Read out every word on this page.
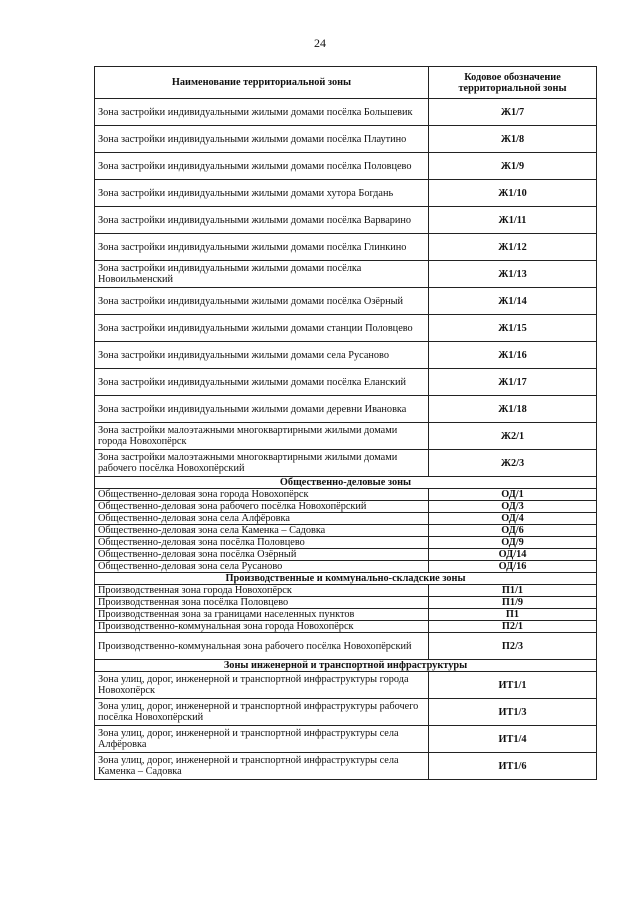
24
Наименование территориальной зоны	Кодовое обозначение территориальной зоны
Зона застройки индивидуальными жилыми домами посёлка Большевик	Ж1/7
Зона застройки индивидуальными жилыми домами посёлка Плаутино	Ж1/8
Зона застройки индивидуальными жилыми домами посёлка Половцево	Ж1/9
Зона застройки индивидуальными жилыми домами хутора Богдань	Ж1/10
Зона застройки индивидуальными жилыми домами посёлка Варварино	Ж1/11
Зона застройки индивидуальными жилыми домами посёлка Глинкино	Ж1/12
Зона застройки индивидуальными жилыми домами посёлка Новоильменский	Ж1/13
Зона застройки индивидуальными жилыми домами посёлка Озёрный	Ж1/14
Зона застройки индивидуальными жилыми домами станции Половцево	Ж1/15
Зона застройки индивидуальными жилыми домами села Русаново	Ж1/16
Зона застройки индивидуальными жилыми домами посёлка Еланский	Ж1/17
Зона застройки индивидуальными жилыми домами деревни Ивановка	Ж1/18
Зона застройки малоэтажными многоквартирными жилыми домами города Новохопёрск	Ж2/1
Зона застройки малоэтажными многоквартирными жилыми домами рабочего посёлка Новохопёрский	Ж2/3
Общественно-деловые зоны	
Общественно-деловая зона города Новохопёрск	ОД/1
Общественно-деловая зона рабочего посёлка Новохопёрский	ОД/3
Общественно-деловая зона села Алфёровка	ОД/4
Общественно-деловая зона села Каменка – Садовка	ОД/6
Общественно-деловая зона посёлка Половцево	ОД/9
Общественно-деловая зона посёлка Озёрный	ОД/14
Общественно-деловая зона села Русаново	ОД/16
Производственные и коммунально-складские зоны	
Производственная зона города Новохопёрск	П1/1
Производственная зона посёлка Половцево	П1/9
Производственная зона за границами населенных пунктов	П1
Производственно-коммунальная зона города Новохопёрск	П2/1
Производственно-коммунальная зона рабочего посёлка Новохопёрский	П2/3
Зоны инженерной и транспортной инфраструктуры	
Зона улиц, дорог, инженерной и транспортной инфраструктуры города Новохопёрск	ИТ1/1
Зона улиц, дорог, инженерной и транспортной инфраструктуры рабочего посёлка Новохопёрский	ИТ1/3
Зона улиц, дорог, инженерной и транспортной инфраструктуры села Алфёровка	ИТ1/4
Зона улиц, дорог, инженерной и транспортной инфраструктуры села Каменка – Садовка	ИТ1/6
